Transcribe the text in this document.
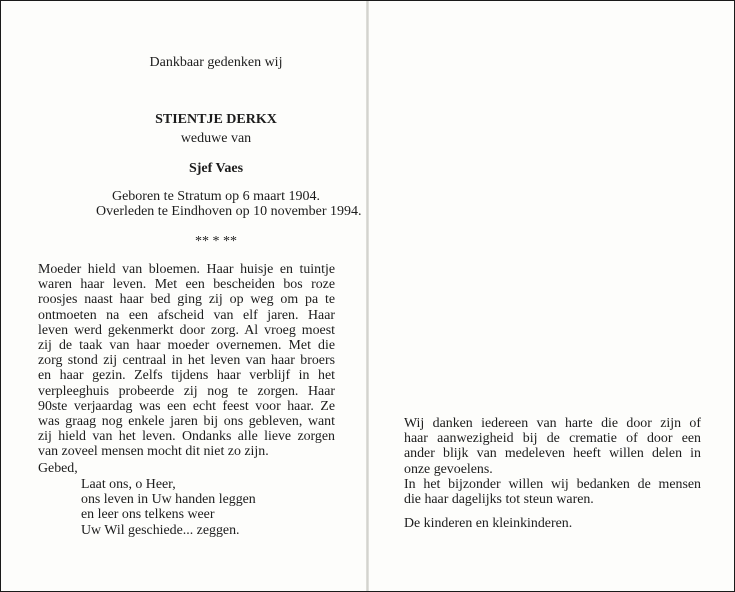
Dankbaar gedenken wij
STIENTJE DERKX
weduwe van
Sjef Vaes
Geboren te Stratum op 6 maart 1904.
Overleden te Eindhoven op 10 november 1994.
** * **
Moeder hield van bloemen. Haar huisje en tuintje
waren haar leven. Met een bescheiden bos roze
roosjes naast haar bed ging zij op weg om pa te
ontmoeten na een afscheid van elf jaren. Haar
leven werd gekenmerkt door zorg. Al vroeg moest
zij de taak van haar moeder overnemen. Met die
zorg stond zij centraal in het leven van haar broers
en haar gezin. Zelfs tijdens haar verblijf in het
verpleeghuis probeerde zij nog te zorgen. Haar
90ste verjaardag was een echt feest voor haar. Ze
was graag nog enkele jaren bij ons gebleven, want
zij hield van het leven. Ondanks alle lieve zorgen
van zoveel mensen mocht dit niet zo zijn.
Gebed,
Laat ons, o Heer,
ons leven in Uw handen leggen
en leer ons telkens weer
Uw Wil geschiede... zeggen.
Wij danken iedereen van harte die door zijn of
haar aanwezigheid bij de crematie of door een
ander blijk van medeleven heeft willen delen in
onze gevoelens.
In het bijzonder willen wij bedanken de mensen
die haar dagelijks tot steun waren.
De kinderen en kleinkinderen.
